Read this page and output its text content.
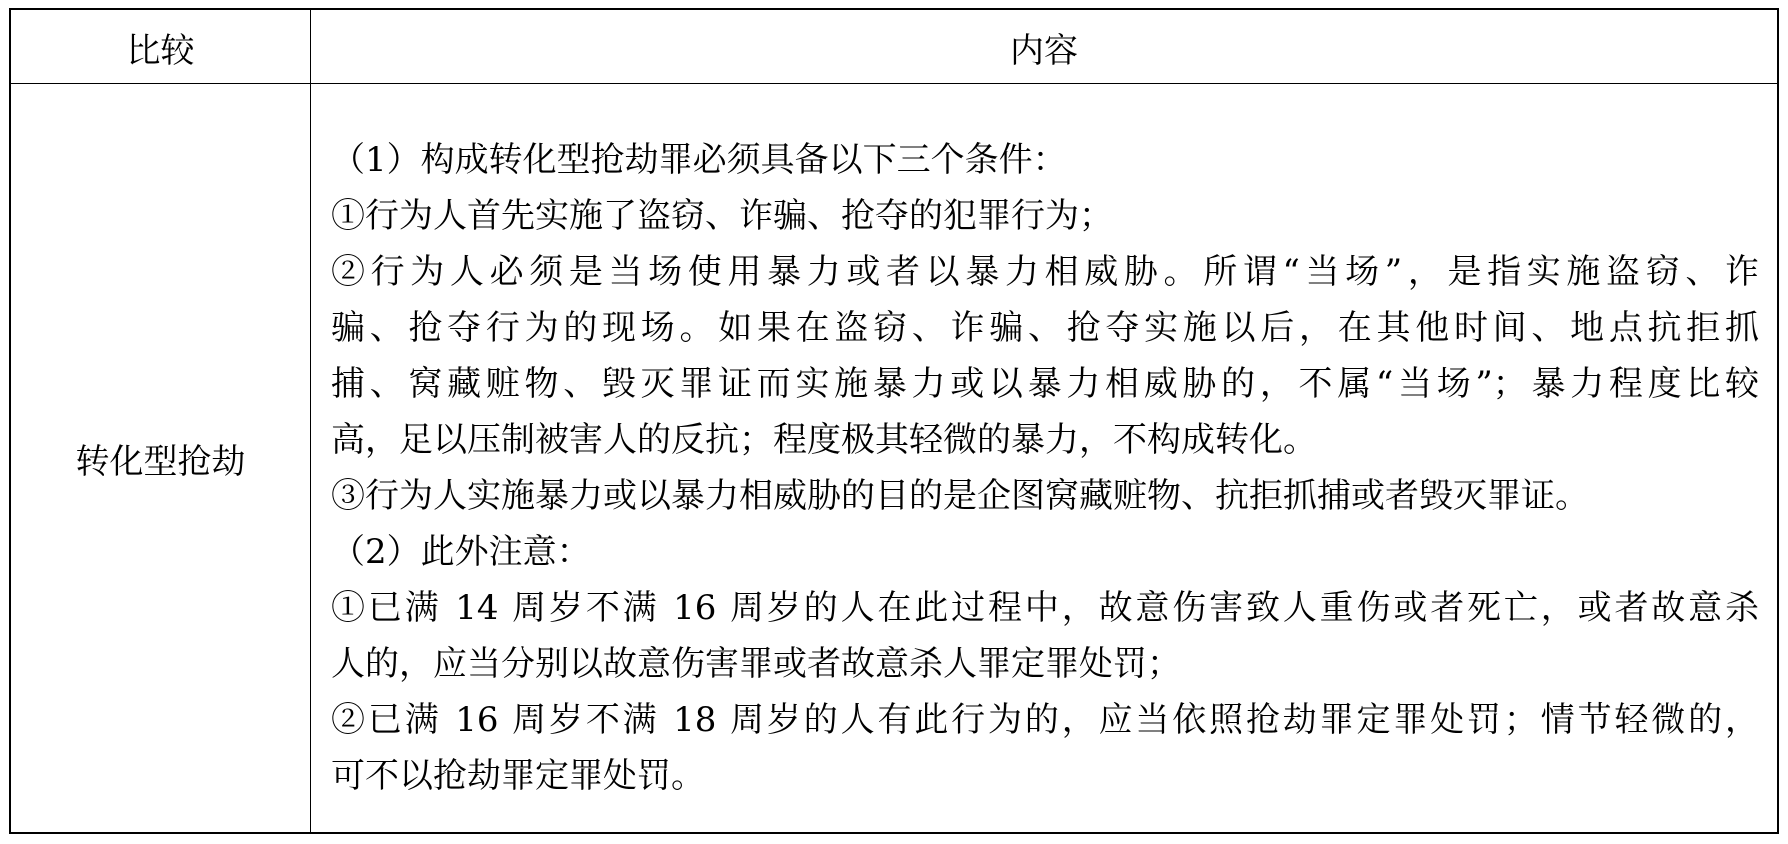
比较	内容
转化型抢劫
（1）构成转化型抢劫罪必须具备以下三个条件：
①行为人首先实施了盗窃、诈骗、抢夺的犯罪行为；
②行为人必须是当场使用暴力或者以暴力相威胁。所谓“当场”，是指实施盗窃、诈
骗、抢夺行为的现场。如果在盗窃、诈骗、抢夺实施以后，在其他时间、地点抗拒抓
捕、窝藏赃物、毁灭罪证而实施暴力或以暴力相威胁的，不属“当场”；暴力程度比较
高，足以压制被害人的反抗；程度极其轻微的暴力，不构成转化。
③行为人实施暴力或以暴力相威胁的目的是企图窝藏赃物、抗拒抓捕或者毁灭罪证。
（2）此外注意：
①已满 14 周岁不满 16 周岁的人在此过程中，故意伤害致人重伤或者死亡，或者故意杀
人的，应当分别以故意伤害罪或者故意杀人罪定罪处罚；
②已满 16 周岁不满 18 周岁的人有此行为的，应当依照抢劫罪定罪处罚；情节轻微的，
可不以抢劫罪定罪处罚。
